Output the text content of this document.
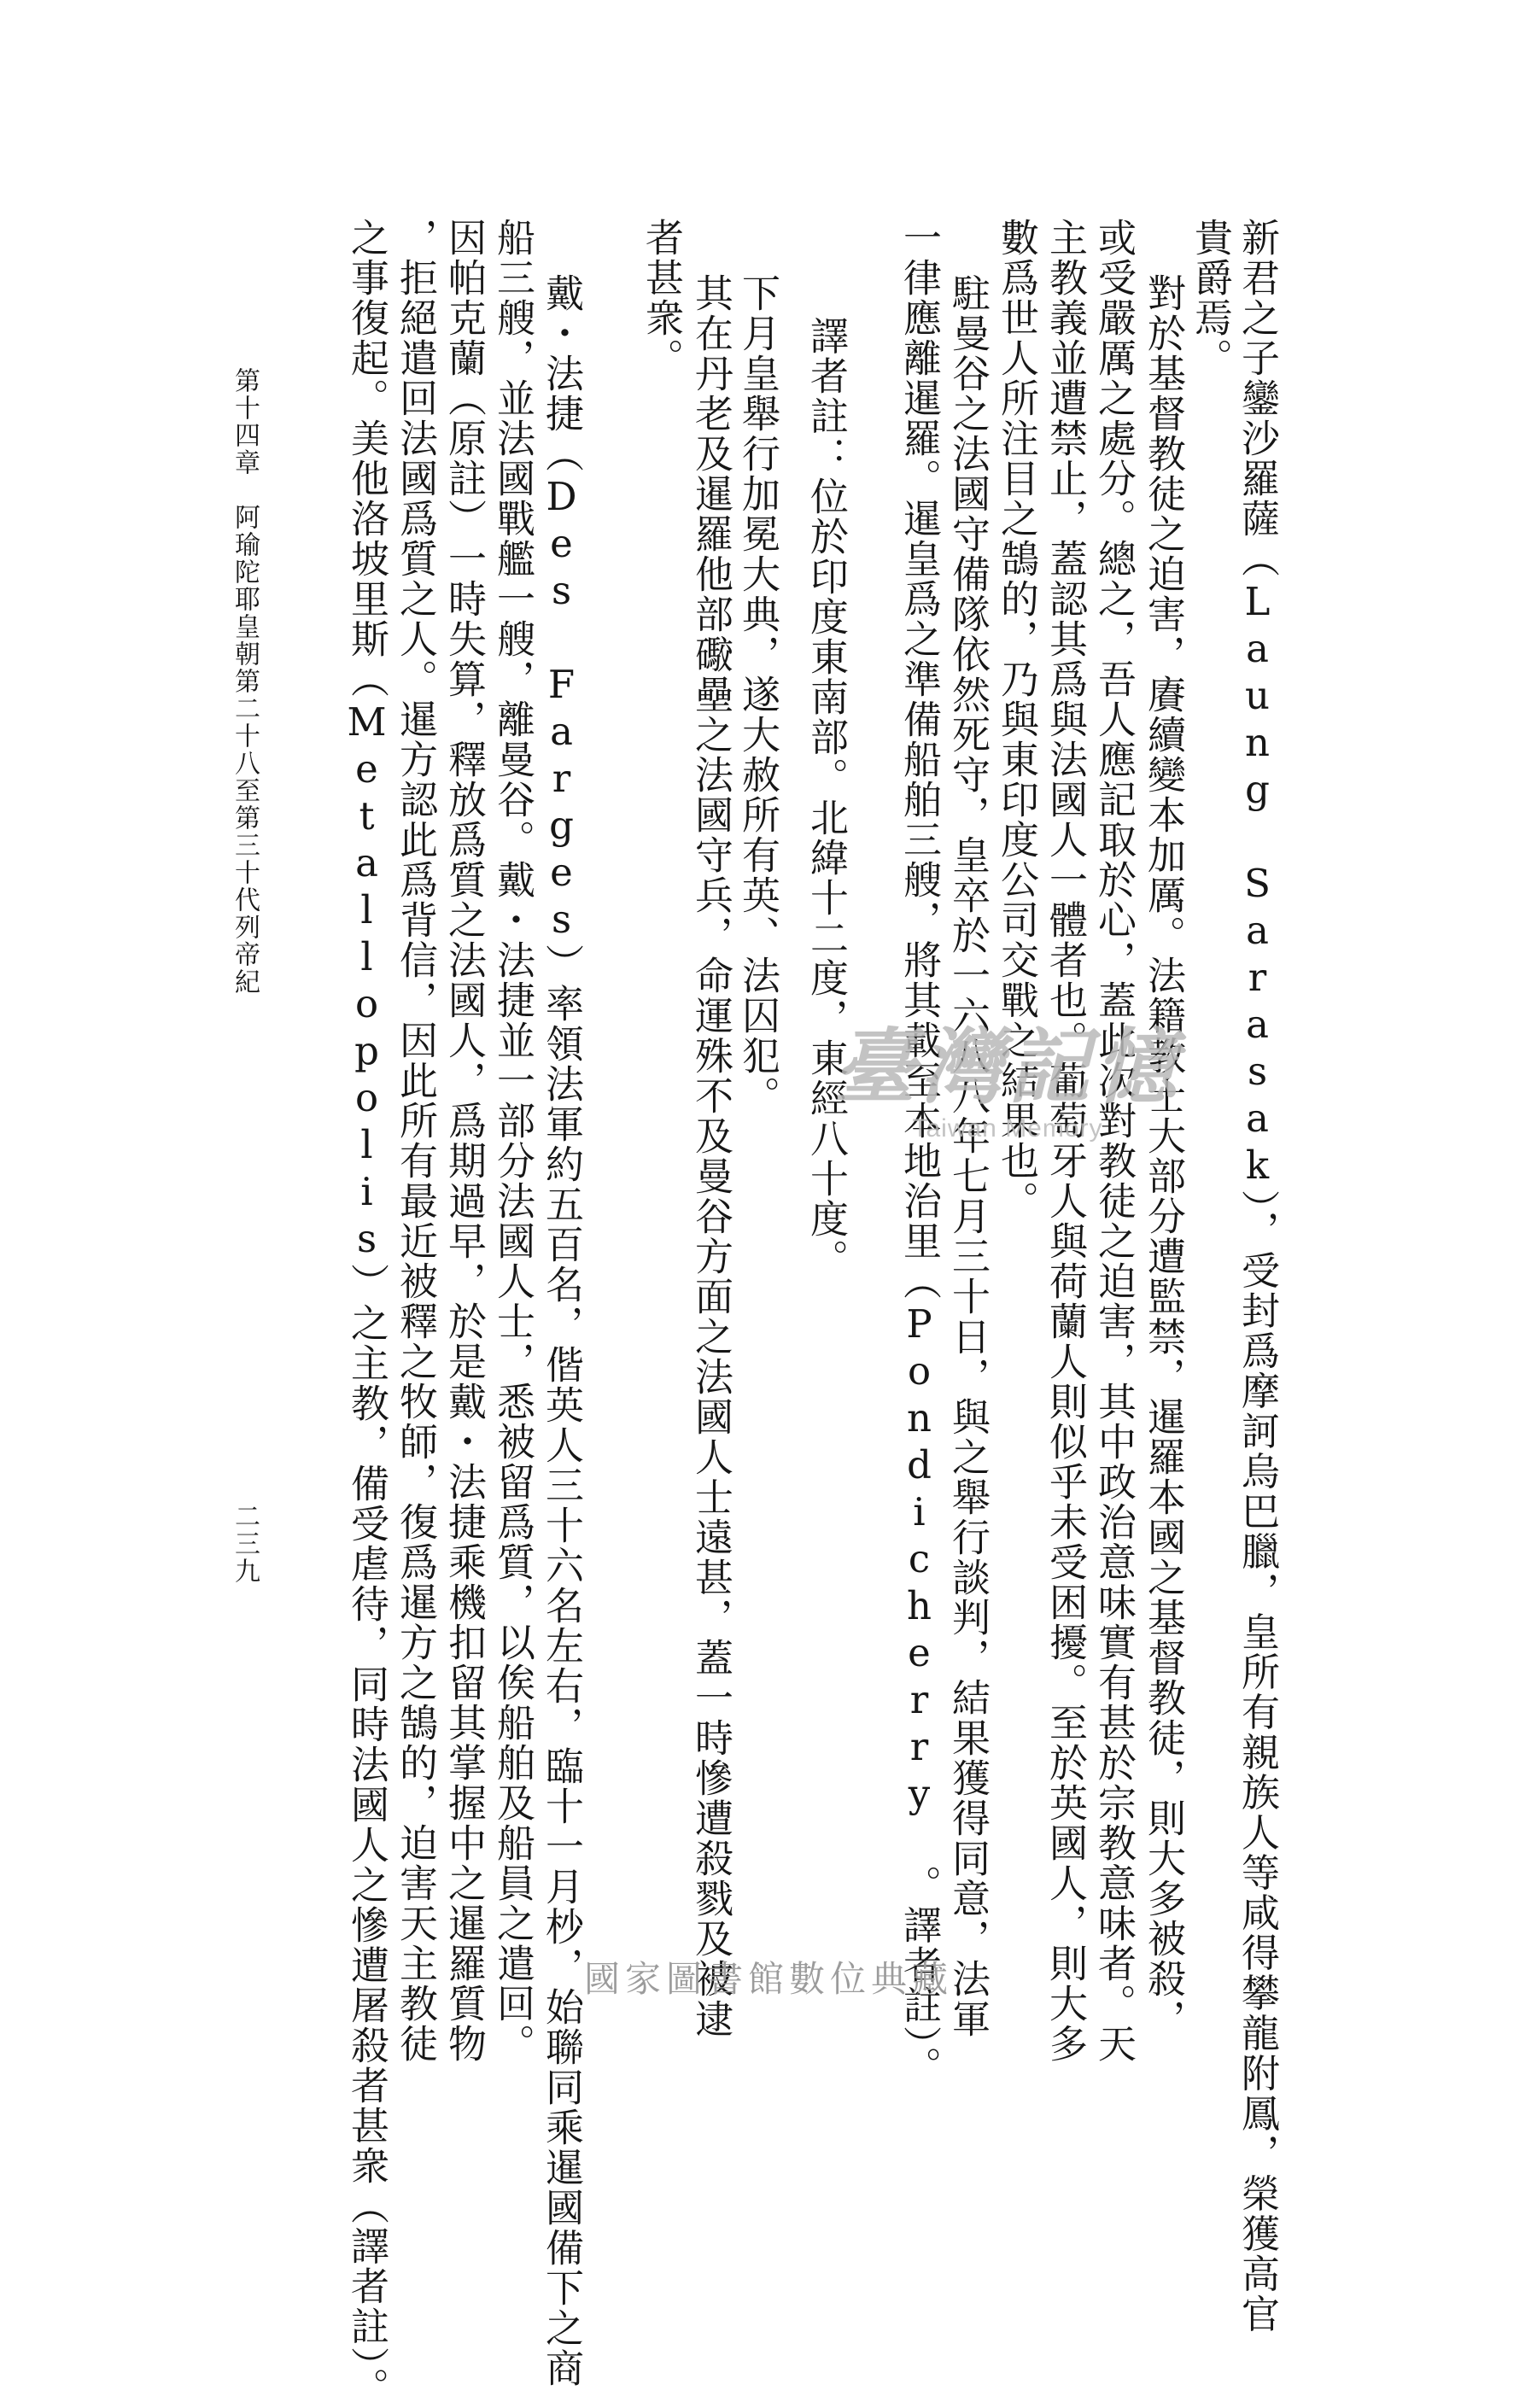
新君之子鑾沙羅薩（Laung Sarasak），受封爲摩訶烏巴臘，皇所有親族人等咸得攀龍附鳳，榮獲高官
貴爵焉。
對於基督教徒之迫害，賡續變本加厲。法籍教士大部分遭監禁，暹羅本國之基督教徒，則大多被殺，
或受嚴厲之處分。總之，吾人應記取於心，蓋此次對教徒之迫害，其中政治意味實有甚於宗教意味者。天
主教義並遭禁止，蓋認其爲與法國人一體者也。葡萄牙人與荷蘭人則似乎未受困擾。至於英國人，則大多
數爲世人所注目之鵠的，乃與東印度公司交戰之結果也。
駐曼谷之法國守備隊依然死守，皇卒於一六八八年七月三十日，與之舉行談判，結果獲得同意，法軍
一律應離暹羅。暹皇爲之準備船舶三艘，將其載至本地治里（Pondicherry 。譯者註）。
譯者註：位於印度東南部。北緯十二度，東經八十度。
下月皇舉行加冕大典，遂大赦所有英、法囚犯。
其在丹老及暹羅他部礮壘之法國守兵，命運殊不及曼谷方面之法國人士遠甚，蓋一時慘遭殺戮及被逮
者甚衆。
戴・法捷（Des Farges）率領法軍約五百名，偕英人三十六名左右，臨十一月杪，始聯同乘暹國備下之商
船三艘，並法國戰艦一艘，離曼谷。戴・法捷並一部分法國人士，悉被留爲質，以俟船舶及船員之遣回。
因帕克蘭（原註）一時失算，釋放爲質之法國人，爲期過早，於是戴・法捷乘機扣留其掌握中之暹羅質物
，拒絕遣回法國爲質之人。暹方認此爲背信，因此所有最近被釋之牧師，復爲暹方之鵠的，迫害天主教徒
之事復起。美他洛坡里斯（Metallopolis）之主教，備受虐待，同時法國人之慘遭屠殺者甚衆（譯者註）。
第十四章　阿瑜陀耶皇朝第二十八至第三十代列帝紀
二三九
臺灣記憶
Taiwan Memory
國家圖書館數位典藏
